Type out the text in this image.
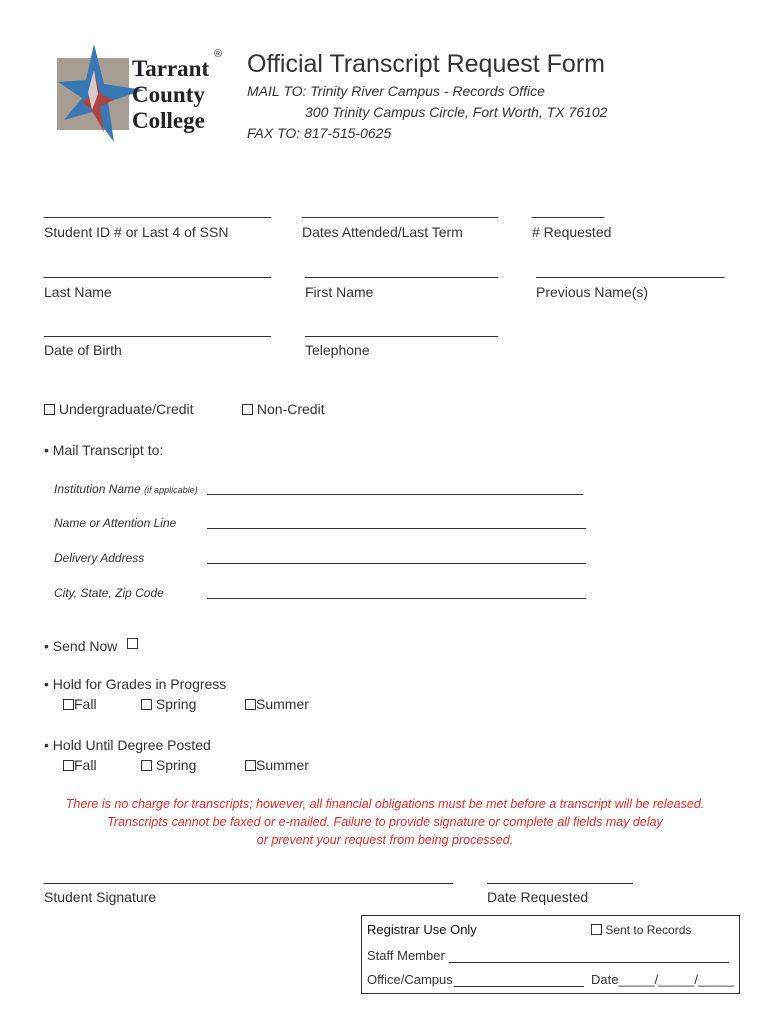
Tarrant
County
College
® Official Transcript Request Form
MAIL TO: Trinity River Campus - Records Office
300 Trinity Campus Circle, Fort Worth, TX 76102
FAX TO: 817-515-0625
Student ID # or Last 4 of SSN	Dates Attended/Last Term	# Requested
Last Name	First Name	Previous Name(s)
Date of Birth	Telephone
Undergraduate/Credit	Non-Credit
• Mail Transcript to:
Institution Name (if applicable)
Name or Attention Line
Delivery Address
City, State, Zip Code
• Send Now
• Hold for Grades in Progress
Fall	Spring	Summer
• Hold Until Degree Posted
Fall	Spring	Summer
There is no charge for transcripts; however, all financial obligations must be met before a transcript will be released.
Transcripts cannot be faxed or e-mailed. Failure to provide signature or complete all fields may delay
or prevent your request from being processed.
Student Signature	Date Requested
Registrar Use Only	Sent to Records
Staff Member
Office/Campus	Date_____/_____/_____
